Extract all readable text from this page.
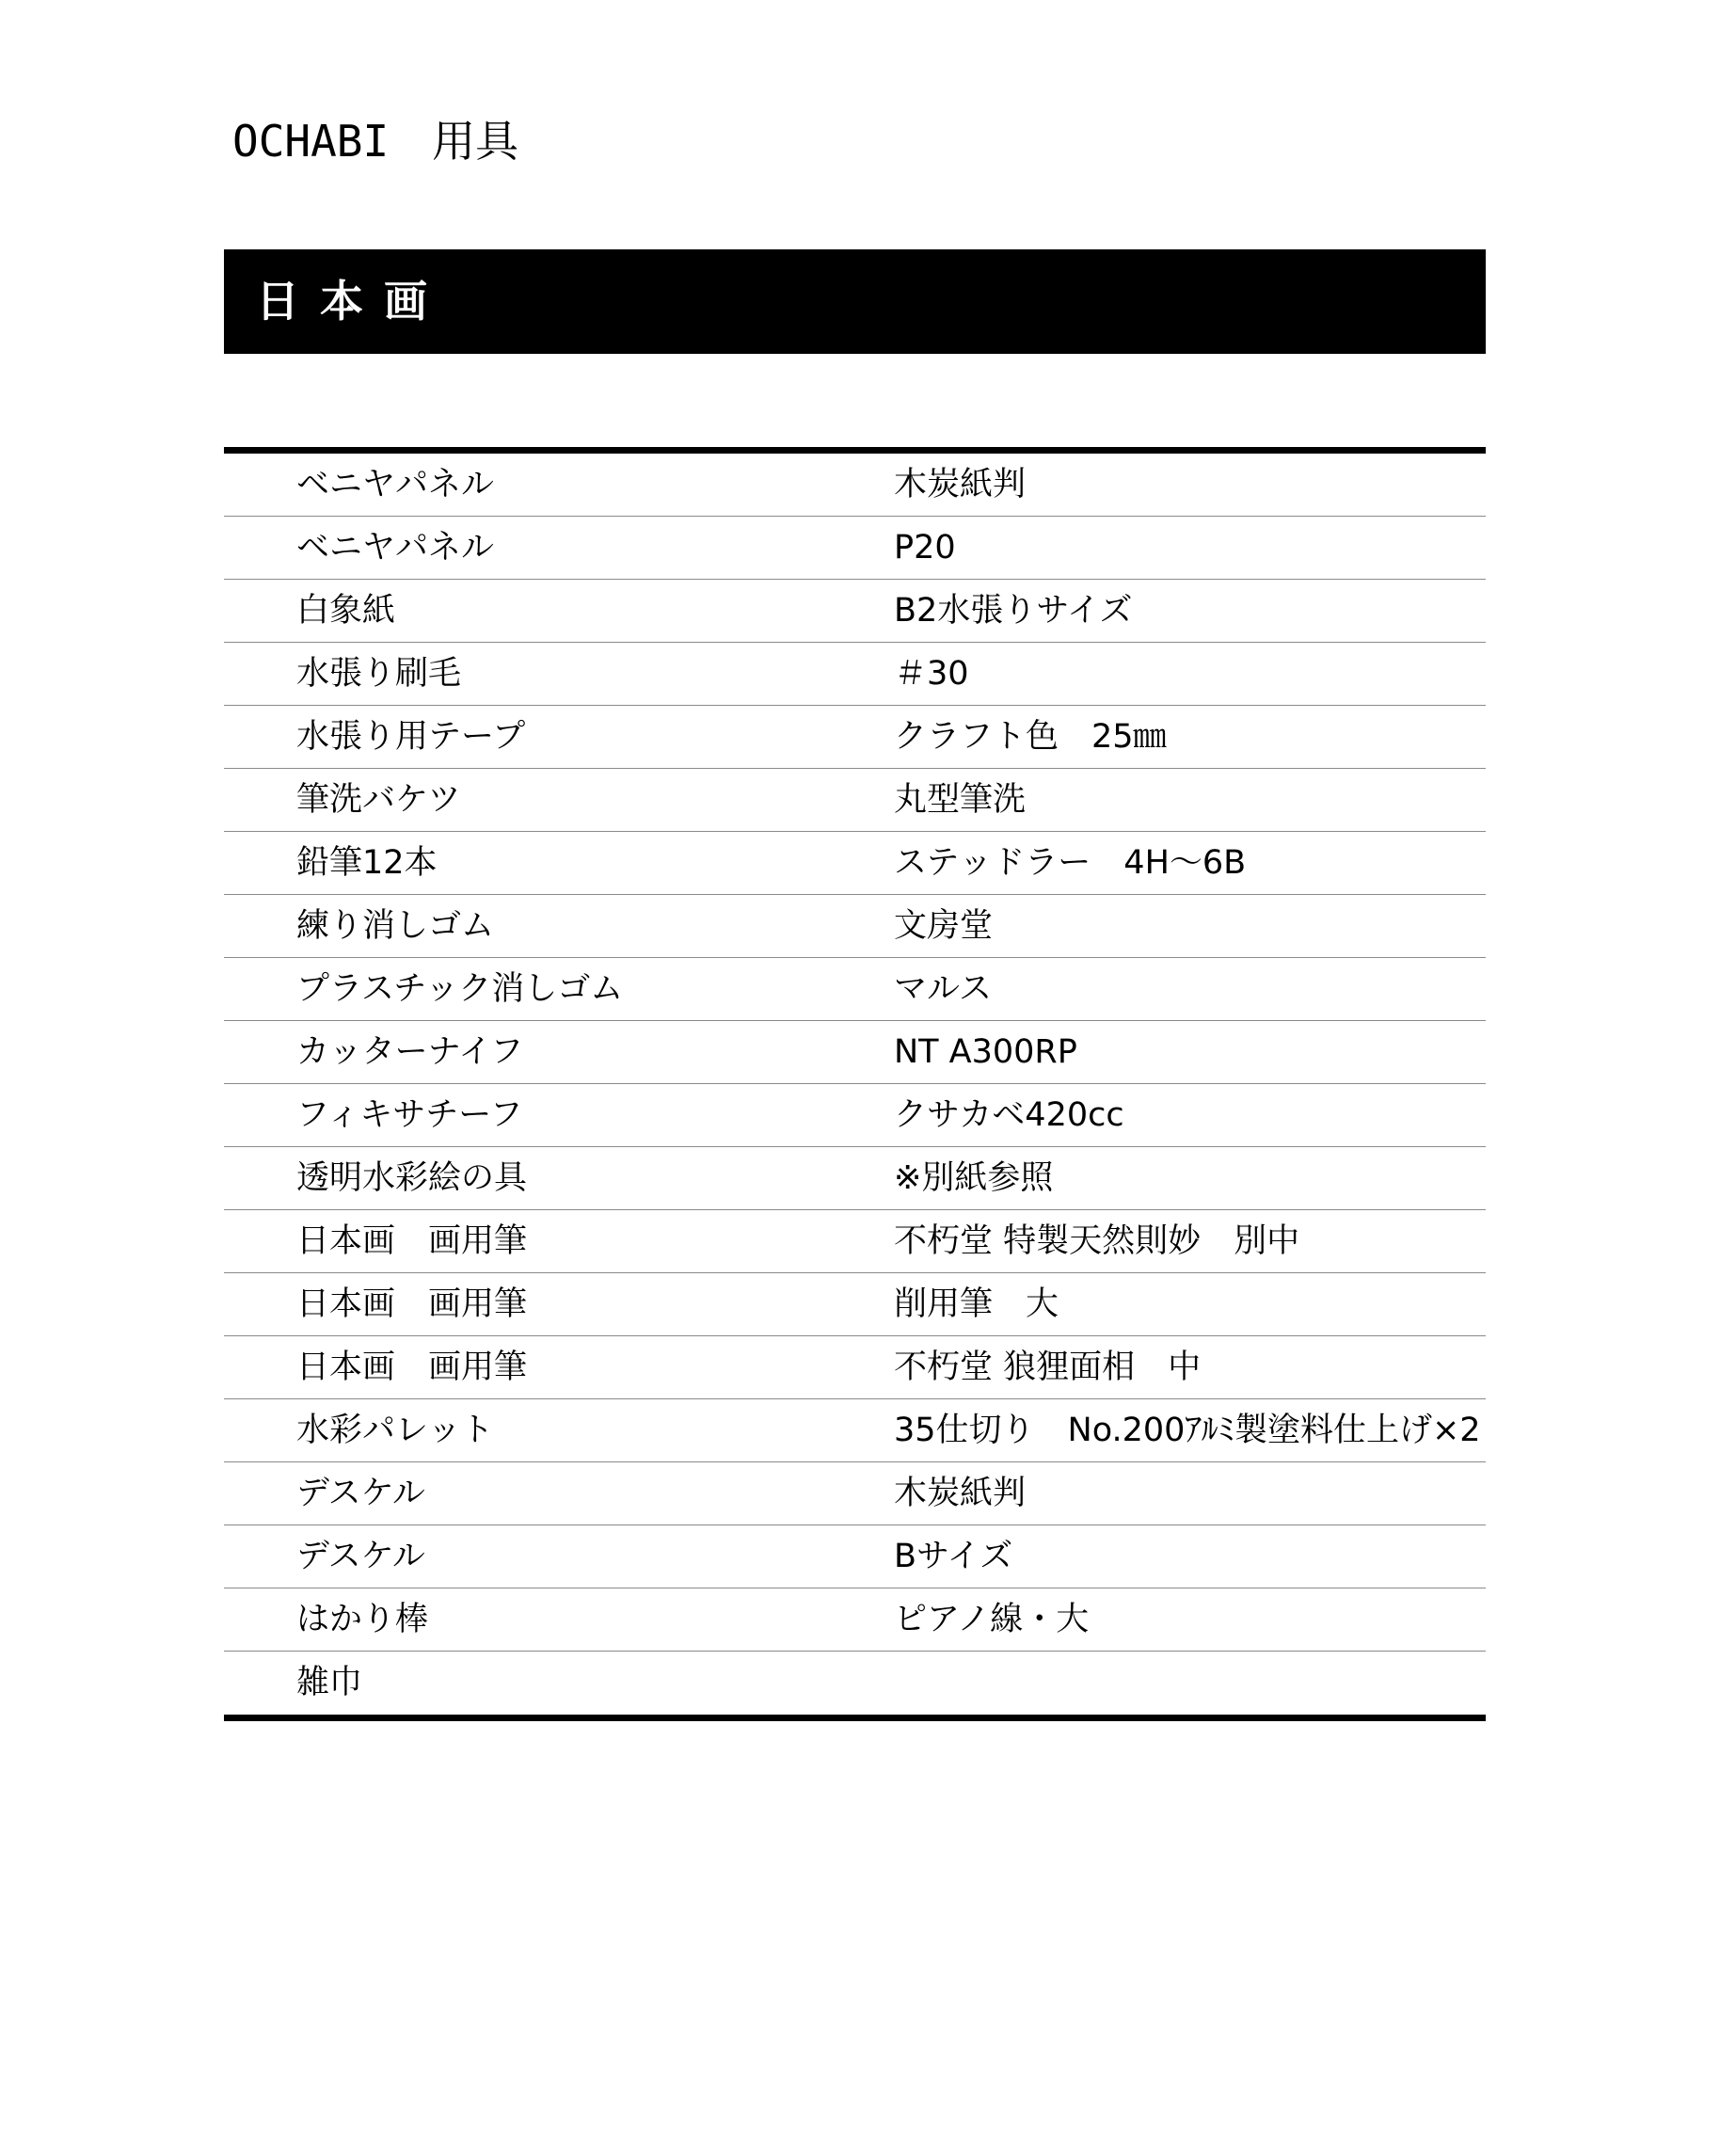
OCHABI　用具
日本画
ベニヤパネル	木炭紙判
ベニヤパネル	P20
白象紙	B2水張りサイズ
水張り刷毛	＃30
水張り用テープ	クラフト色　25㎜
筆洗バケツ	丸型筆洗
鉛筆12本	ステッドラー　4H～6B
練り消しゴム	文房堂
プラスチック消しゴム	マルス
カッターナイフ	NT A300RP
フィキサチーフ	クサカベ420cc
透明水彩絵の具	※別紙参照
日本画　画用筆	不朽堂 特製天然則妙　別中
日本画　画用筆	削用筆　大
日本画　画用筆	不朽堂 狼狸面相　中
水彩パレット	35仕切り　No.200ｱﾙﾐ製塗料仕上げ×2
デスケル	木炭紙判
デスケル	Bサイズ
はかり棒	ピアノ線・大
雑巾
